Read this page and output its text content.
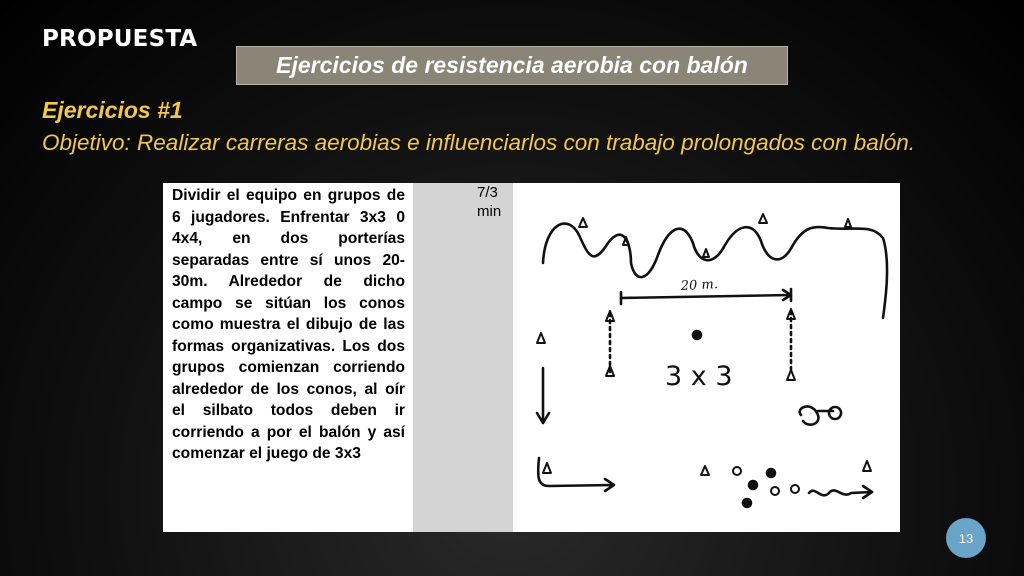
PROPUESTA
Ejercicios de resistencia aerobia con balón
Ejercicios #1

Objetivo: Realizar carreras aerobias e influenciarlos con trabajo prolongados con balón.

Dividir el equipo en grupos de 6 jugadores. Enfrentar 3x3 0 4x4, en dos porterías separadas entre sí unos 20-30m. Alrededor de dicho campo se sitúan los conos como muestra el dibujo de las formas organizativas. Los dos grupos comienzan corriendo alrededor de los conos, al oír el silbato todos deben ir corriendo a por el balón y así comenzar el juego de 3x3
7/3 min
20 m.
3 x 3
13
